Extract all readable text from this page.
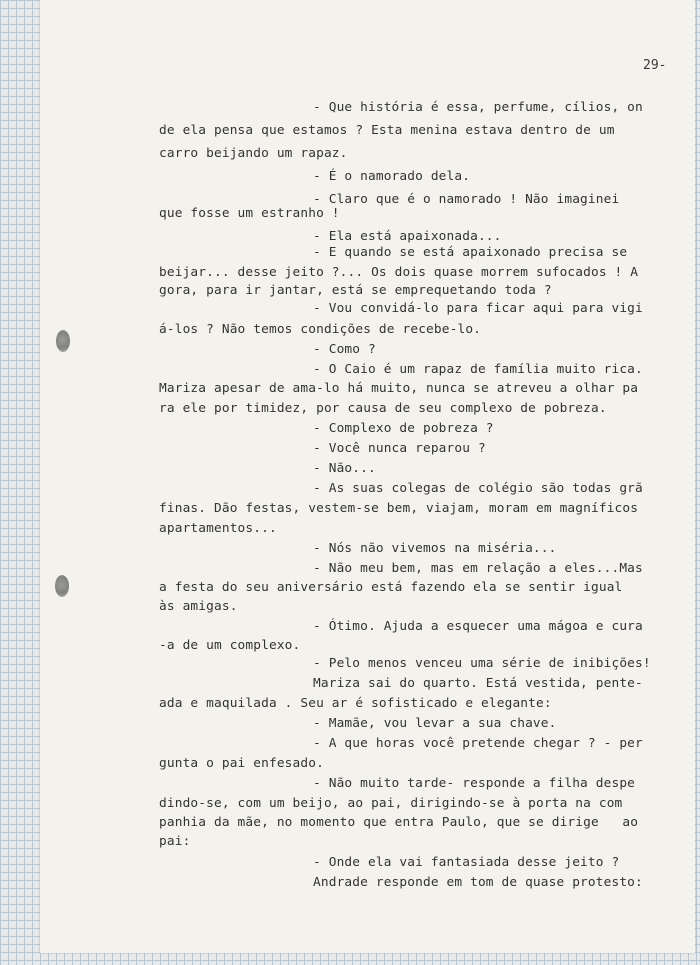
29-
- Que história é essa, perfume, cílios, on
de ela pensa que estamos ? Esta menina estava dentro de um
carro beijando um rapaz.
- É o namorado dela.
- Claro que é o namorado ! Não imaginei
que fosse um estranho !
- Ela está apaixonada...
- E quando se está apaixonado precisa se
beijar... desse jeito ?... Os dois quase morrem sufocados ! A
gora, para ir jantar, está se emprequetando toda ?
- Vou convidá-lo para ficar aqui para vigi
á-los ? Não temos condições de recebe-lo.
- Como ?
- O Caio é um rapaz de família muito rica.
Mariza apesar de ama-lo há muito, nunca se atreveu a olhar pa
ra ele por timidez, por causa de seu complexo de pobreza.
- Complexo de pobreza ?
- Você nunca reparou ?
- Não...
- As suas colegas de colégio são todas grã
finas. Dão festas, vestem-se bem, viajam, moram em magníficos
apartamentos...
- Nós não vivemos na miséria...
- Não meu bem, mas em relação a eles...Mas
a festa do seu aniversário está fazendo ela se sentir igual
às amigas.
- Ótimo. Ajuda a esquecer uma mágoa e cura
-a de um complexo.
- Pelo menos venceu uma série de inibições!
Mariza sai do quarto. Está vestida, pente-
ada e maquilada . Seu ar é sofisticado e elegante:
- Mamãe, vou levar a sua chave.
- A que horas você pretende chegar ? - per
gunta o pai enfesado.
- Não muito tarde- responde a filha despe
dindo-se, com um beijo, ao pai, dirigindo-se à porta na com
panhia da mãe, no momento que entra Paulo, que se dirige   ao
pai:
- Onde ela vai fantasiada desse jeito ?
Andrade responde em tom de quase protesto:
